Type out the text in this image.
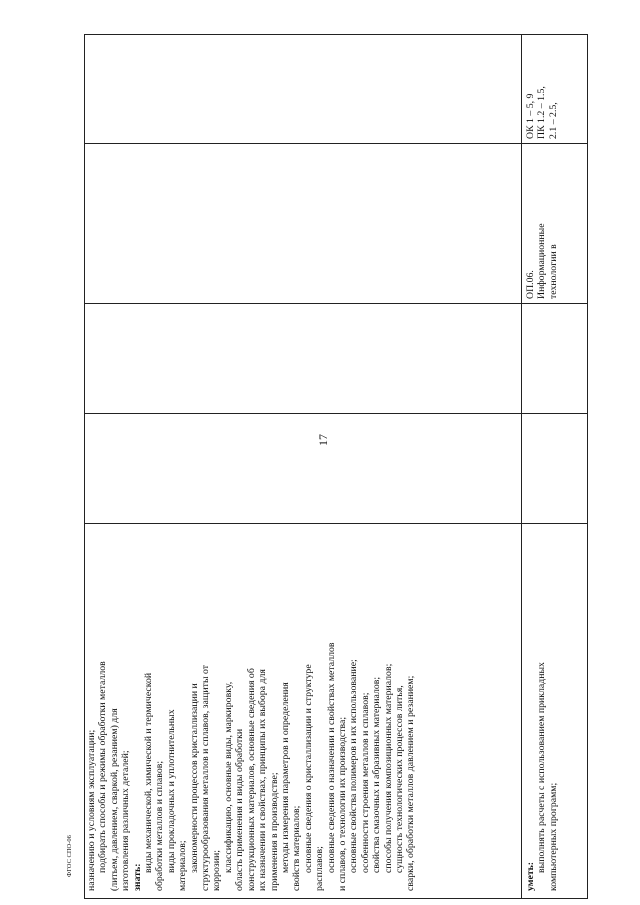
17
ФГОС СПО-06	назначению и условиям эксплуатации; подбирать способы и режимы обработки металлов (литьем, давлением, сваркой, резанием) для изготовления различных деталей; знать:
виды механической, химической и термической обработки металлов и сплавов; виды прокладочных и уплотнительных материалов; закономерности процессов кристаллизации и структурообразования металлов и сплавов, защиты от коррозии; классификацию, основные виды, маркировку, область применения и виды обработки конструкционных материалов, основные сведения об их назначении и свойствах, принципы их выбора для применения в производстве; методы измерения параметров и определения свойств материалов; основные сведения о кристаллизации и структуре расплавов; основные сведения о назначении и свойствах металлов и сплавов, о технологии их производства; основные свойства полимеров и их использование; особенности строения металлов и сплавов; свойства смазочных и абразивных материалов; способы получения композиционных материалов; сущность технологических процессов литья, сварки, обработки металлов давлением и резанием;	уметь:
выполнять расчеты с использованием прикладных компьютерных программ;
ОП.06. Информационные технологии в
ОК 1 – 5, 9 ПК 1.2 – 1.5, 2.1 – 2.5,
